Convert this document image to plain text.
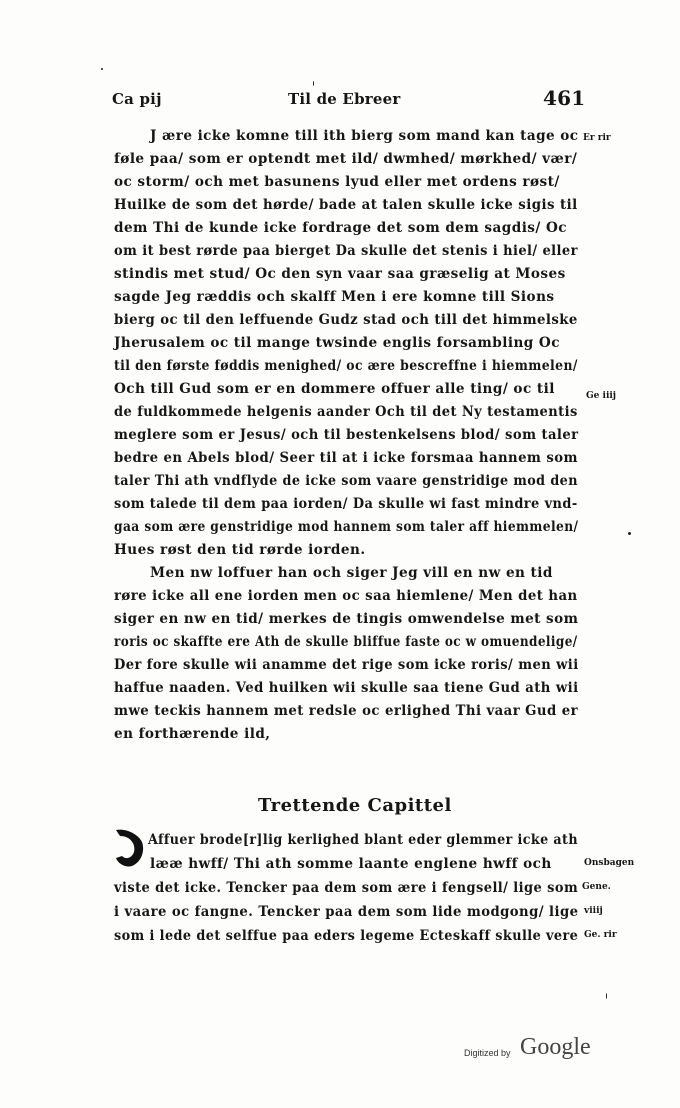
Ca pij	Til de Ebreer	461
J ære icke komne till ith bierg som mand kan tage oc
føle paa/ som er optendt met ild/ dwmhed/ mørkhed/ vær/
oc storm/ och met basunens lyud eller met ordens røst/
Huilke de som det hørde/ bade at talen skulle icke sigis til
dem Thi de kunde icke fordrage det som dem sagdis/ Oc
om it best rørde paa bierget Da skulle det stenis i hiel/ eller
stindis met stud/ Oc den syn vaar saa græselig at Moses
sagde Jeg ræddis och skalff Men i ere komne till Sions
bierg oc til den leffuende Gudz stad och till det himmelske
Jherusalem oc til mange twsinde englis forsambling Oc
til den første føddis menighed/ oc ære bescreffne i hiemmelen/
Och till Gud som er en dommere offuer alle ting/ oc til
de fuldkommede helgenis aander Och til det Ny testamentis
meglere som er Jesus/ och til bestenkelsens blod/ som taler
bedre en Abels blod/ Seer til at i icke forsmaa hannem som
taler Thi ath vndflyde de icke som vaare genstridige mod den
som talede til dem paa iorden/ Da skulle wi fast mindre vnd-
gaa som ære genstridige mod hannem som taler aff hiemmelen/
Hues røst den tid rørde iorden.
Men nw loffuer han och siger Jeg vill en nw en tid
røre icke all ene iorden men oc saa hiemlene/ Men det han
siger en nw en tid/ merkes de tingis omwendelse met som
roris oc skaffte ere Ath de skulle bliffue faste oc w omuendelige/
Der fore skulle wii anamme det rige som icke roris/ men wii
haffue naaden. Ved huilken wii skulle saa tiene Gud ath wii
mwe teckis hannem met redsle oc erlighed Thi vaar Gud er
en forthærende ild,
Er rir
Ge iiij
Trettende Capittel
Affuer brode[r]lig kerlighed blant eder glemmer icke ath
lææ hwff/ Thi ath somme laante englene hwff och
viste det icke. Tencker paa dem som ære i fengsell/ lige som
i vaare oc fangne. Tencker paa dem som lide modgong/ lige
som i lede det selffue paa eders legeme Ecteskaff skulle vere
Onsbagen
Gene.
viiij
Ge. rir
Digitized by Google
